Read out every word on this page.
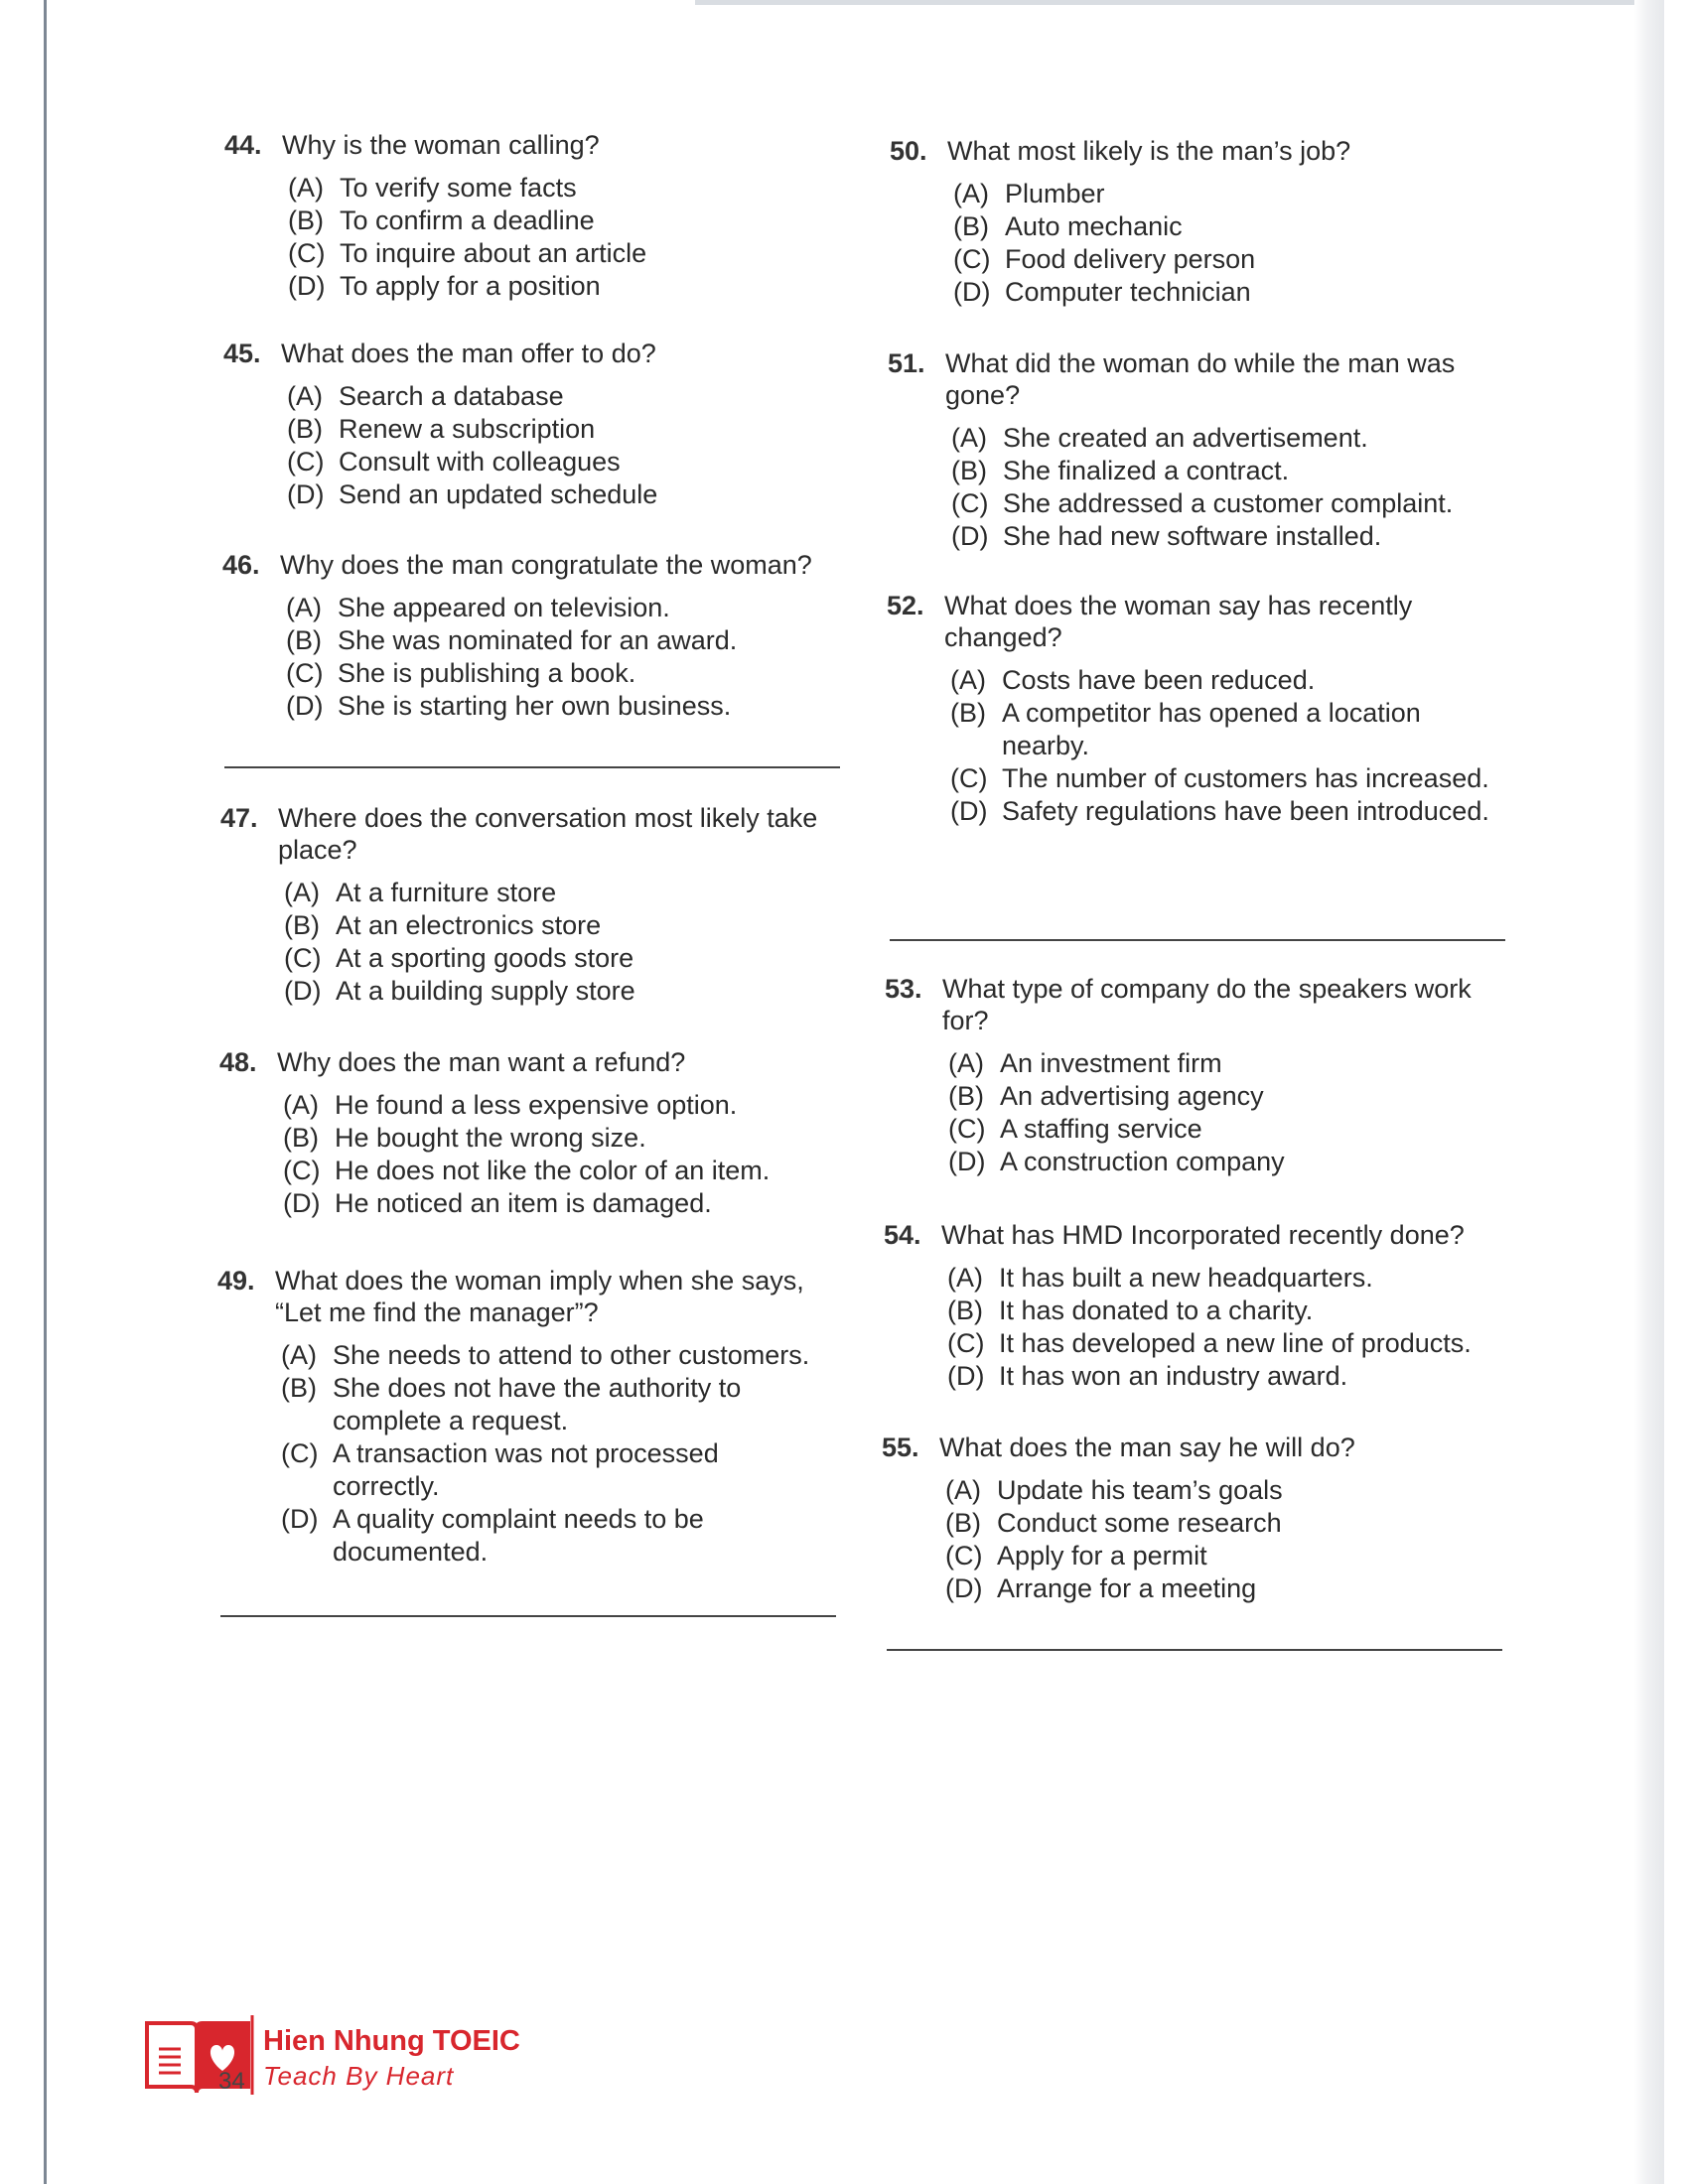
44. Why is the woman calling?
(A) To verify some facts
(B) To confirm a deadline
(C) To inquire about an article
(D) To apply for a position
45. What does the man offer to do?
(A) Search a database
(B) Renew a subscription
(C) Consult with colleagues
(D) Send an updated schedule
46. Why does the man congratulate the woman?
(A) She appeared on television.
(B) She was nominated for an award.
(C) She is publishing a book.
(D) She is starting her own business.
47. Where does the conversation most likely take place?
(A) At a furniture store
(B) At an electronics store
(C) At a sporting goods store
(D) At a building supply store
48. Why does the man want a refund?
(A) He found a less expensive option.
(B) He bought the wrong size.
(C) He does not like the color of an item.
(D) He noticed an item is damaged.
49. What does the woman imply when she says, “Let me find the manager”?
(A) She needs to attend to other customers.
(B) She does not have the authority to complete a request.
(C) A transaction was not processed correctly.
(D) A quality complaint needs to be documented.
50. What most likely is the man’s job?
(A) Plumber
(B) Auto mechanic
(C) Food delivery person
(D) Computer technician
51. What did the woman do while the man was gone?
(A) She created an advertisement.
(B) She finalized a contract.
(C) She addressed a customer complaint.
(D) She had new software installed.
52. What does the woman say has recently changed?
(A) Costs have been reduced.
(B) A competitor has opened a location nearby.
(C) The number of customers has increased.
(D) Safety regulations have been introduced.
53. What type of company do the speakers work for?
(A) An investment firm
(B) An advertising agency
(C) A staffing service
(D) A construction company
54. What has HMD Incorporated recently done?
(A) It has built a new headquarters.
(B) It has donated to a charity.
(C) It has developed a new line of products.
(D) It has won an industry award.
55. What does the man say he will do?
(A) Update his team’s goals
(B) Conduct some research
(C) Apply for a permit
(D) Arrange for a meeting
34
Hien Nhung TOEIC
Teach By Heart
